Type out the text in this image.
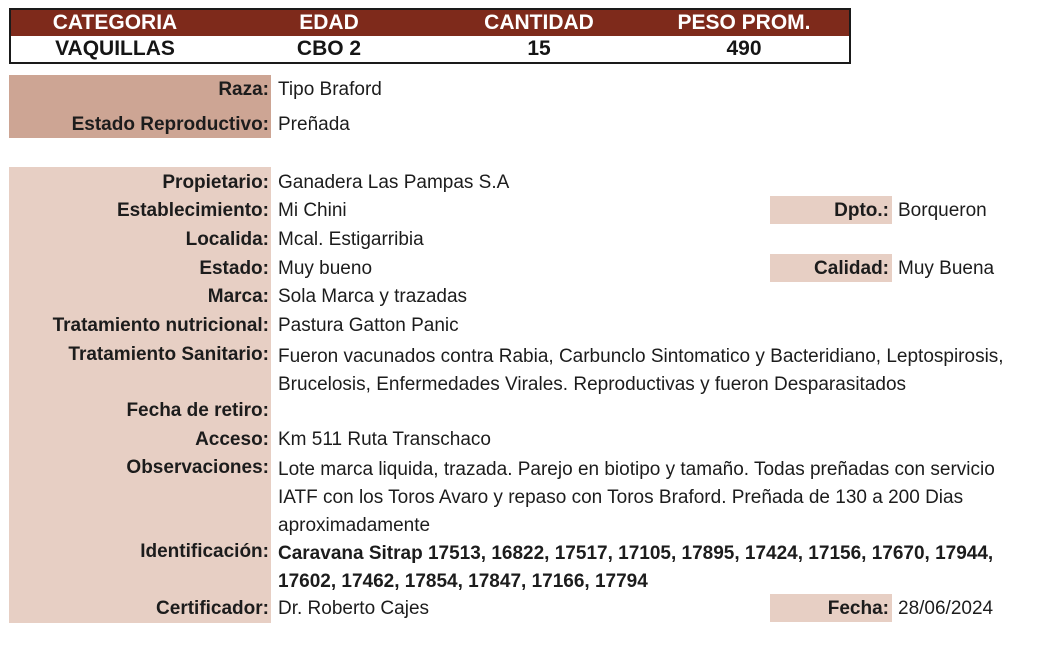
CATEGORIA	EDAD	CANTIDAD	PESO PROM.
VAQUILLAS	CBO 2	15	490
Raza: Tipo Braford
Estado Reproductivo: Preñada
Propietario: Ganadera Las Pampas S.A
Establecimiento: Mi Chini	Dpto.: Borqueron
Localida: Mcal. Estigarribia
Estado: Muy bueno	Calidad: Muy Buena
Marca: Sola Marca y trazadas
Tratamiento nutricional: Pastura Gatton Panic
Tratamiento Sanitario: Fueron vacunados contra Rabia, Carbunclo Sintomatico y Bacteridiano, Leptospirosis, Brucelosis, Enfermedades Virales. Reproductivas y fueron Desparasitados
Fecha de retiro:
Acceso: Km 511 Ruta Transchaco
Observaciones: Lote marca liquida, trazada. Parejo en biotipo y tamaño. Todas preñadas con servicio IATF con los Toros Avaro y repaso con Toros Braford. Preñada de 130 a 200 Dias aproximadamente
Identificación: Caravana Sitrap 17513, 16822, 17517, 17105, 17895, 17424, 17156, 17670, 17944, 17602, 17462, 17854, 17847, 17166, 17794
Certificador: Dr. Roberto Cajes	Fecha: 28/06/2024
